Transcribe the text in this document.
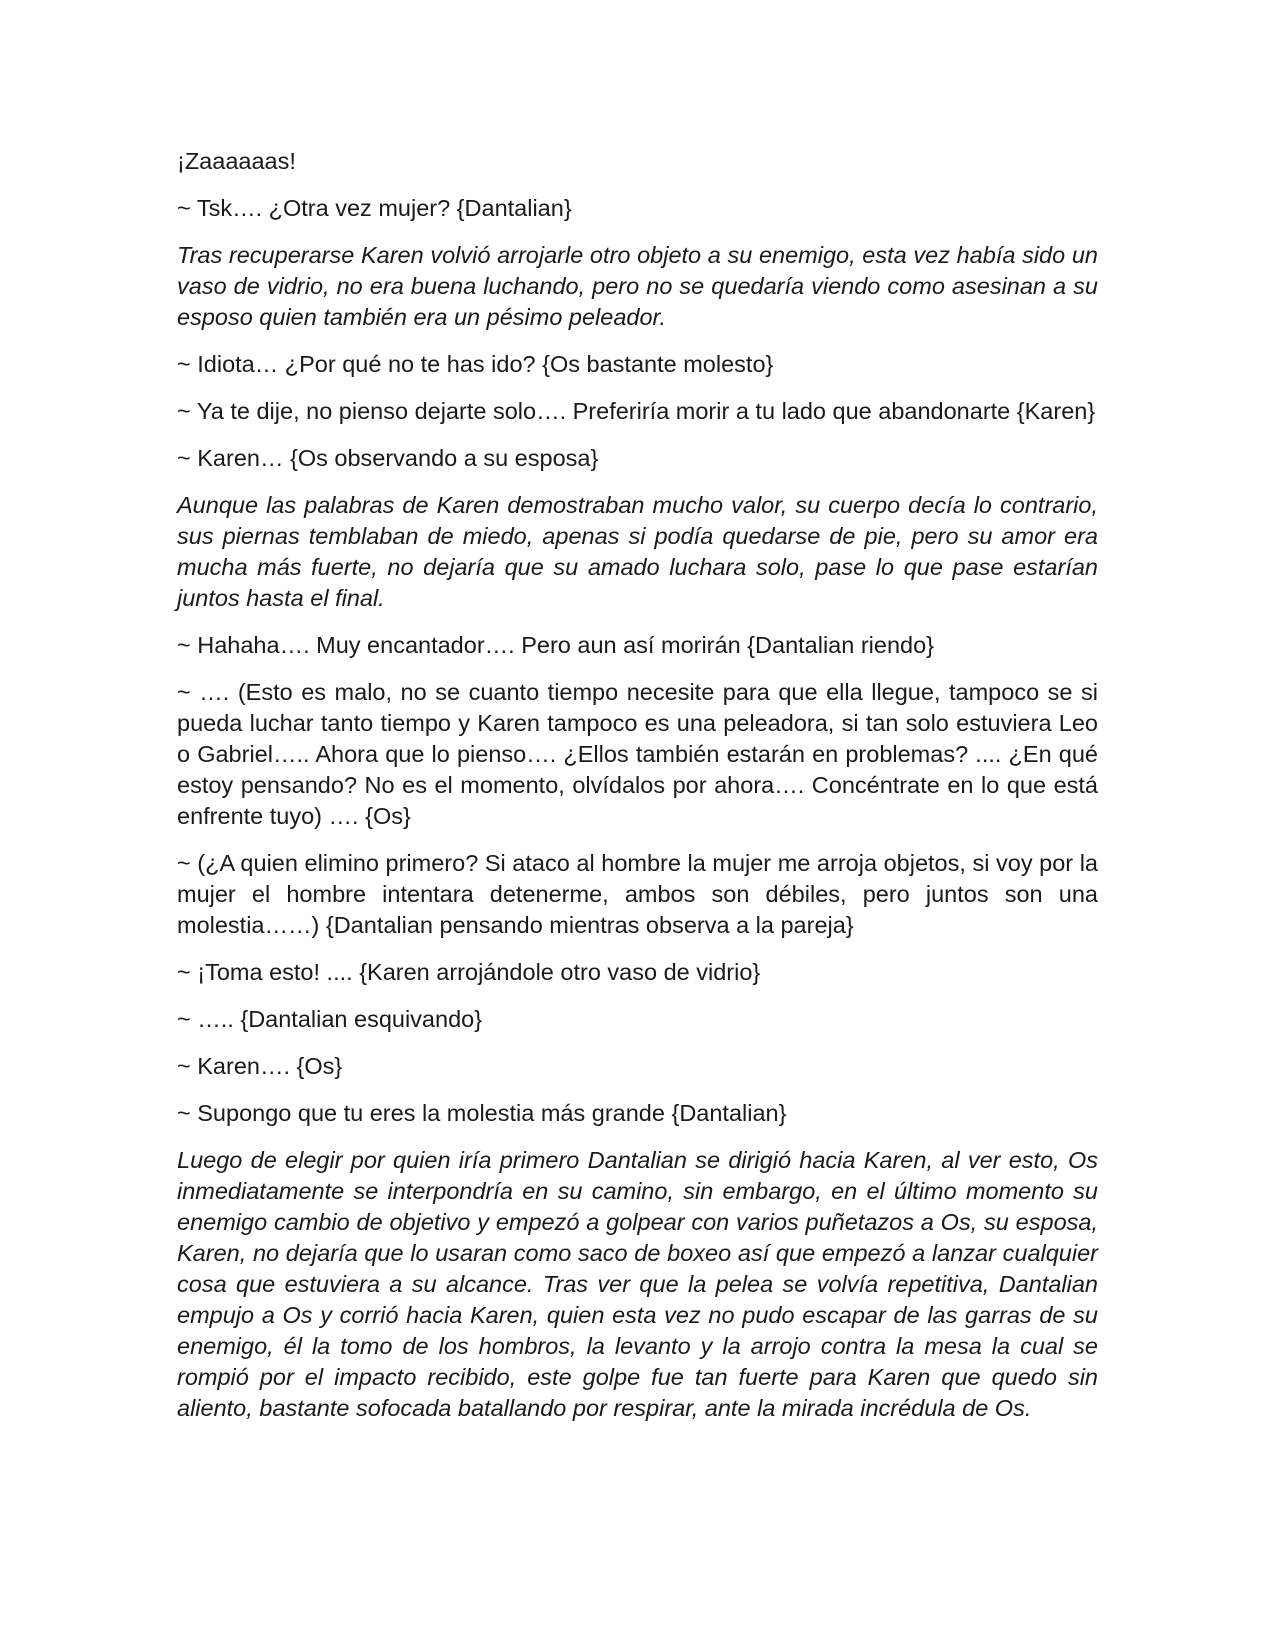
¡Zaaaaaas!

~ Tsk…. ¿Otra vez mujer? {Dantalian}

Tras recuperarse Karen volvió arrojarle otro objeto a su enemigo, esta vez había sido un vaso de vidrio, no era buena luchando, pero no se quedaría viendo como asesinan a su esposo quien también era un pésimo peleador.

~ Idiota… ¿Por qué no te has ido? {Os bastante molesto}

~ Ya te dije, no pienso dejarte solo…. Preferiría morir a tu lado que abandonarte {Karen}

~ Karen… {Os observando a su esposa}

Aunque las palabras de Karen demostraban mucho valor, su cuerpo decía lo contrario, sus piernas temblaban de miedo, apenas si podía quedarse de pie, pero su amor era mucha más fuerte, no dejaría que su amado luchara solo, pase lo que pase estarían juntos hasta el final.

~ Hahaha…. Muy encantador…. Pero aun así morirán {Dantalian riendo}

~ …. (Esto es malo, no se cuanto tiempo necesite para que ella llegue, tampoco se si pueda luchar tanto tiempo y Karen tampoco es una peleadora, si tan solo estuviera Leo o Gabriel….. Ahora que lo pienso…. ¿Ellos también estarán en problemas? .... ¿En qué estoy pensando? No es el momento, olvídalos por ahora…. Concéntrate en lo que está enfrente tuyo) …. {Os}

~ (¿A quien elimino primero? Si ataco al hombre la mujer me arroja objetos, si voy por la mujer el hombre intentara detenerme, ambos son débiles, pero juntos son una molestia……) {Dantalian pensando mientras observa a la pareja}

~ ¡Toma esto! .... {Karen arrojándole otro vaso de vidrio}

~ ….. {Dantalian esquivando}

~ Karen…. {Os}

~ Supongo que tu eres la molestia más grande {Dantalian}

Luego de elegir por quien iría primero Dantalian se dirigió hacia Karen, al ver esto, Os inmediatamente se interpondría en su camino, sin embargo, en el último momento su enemigo cambio de objetivo y empezó a golpear con varios puñetazos a Os, su esposa, Karen, no dejaría que lo usaran como saco de boxeo así que empezó a lanzar cualquier cosa que estuviera a su alcance. Tras ver que la pelea se volvía repetitiva, Dantalian empujo a Os y corrió hacia Karen, quien esta vez no pudo escapar de las garras de su enemigo, él la tomo de los hombros, la levanto y la arrojo contra la mesa la cual se rompió por el impacto recibido, este golpe fue tan fuerte para Karen que quedo sin aliento, bastante sofocada batallando por respirar, ante la mirada incrédula de Os.
